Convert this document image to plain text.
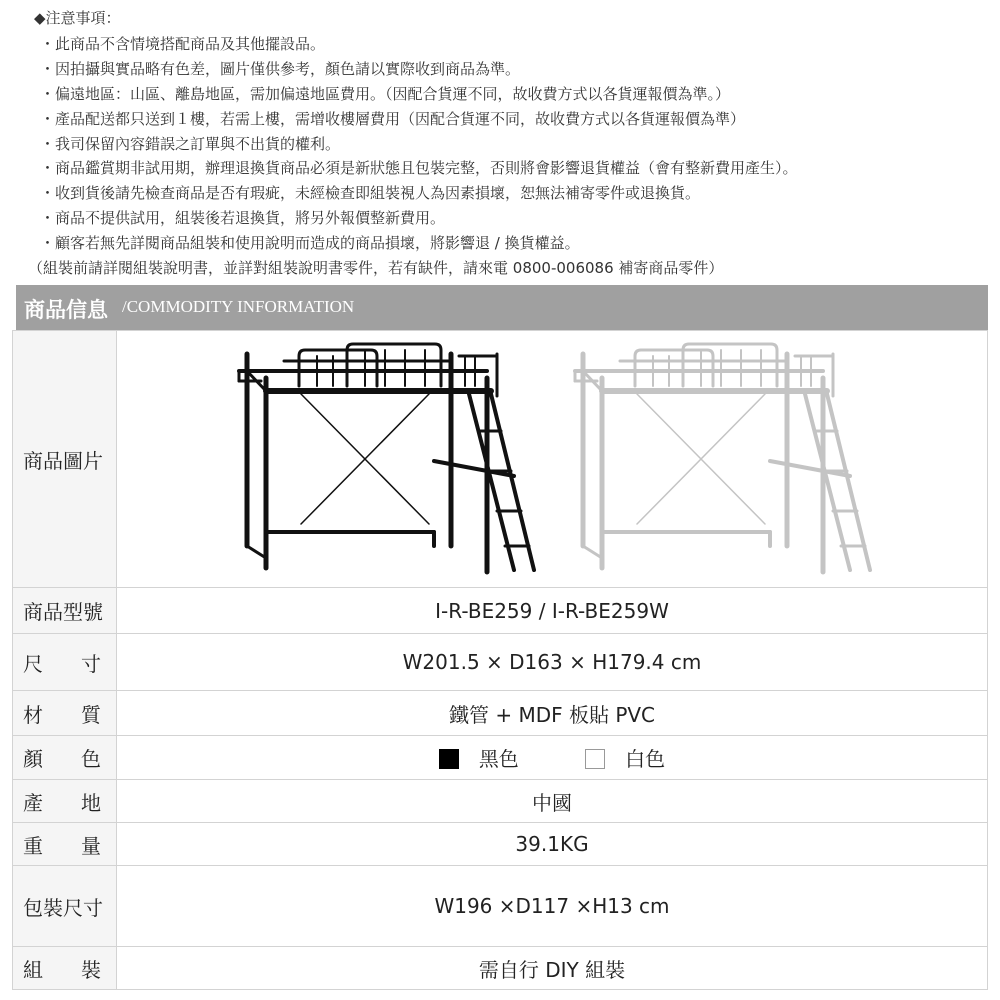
◆注意事項：
・此商品不含情境搭配商品及其他擺設品。
・因拍攝與實品略有色差，圖片僅供參考，顏色請以實際收到商品為準。
・偏遠地區：山區、離島地區，需加偏遠地區費用。（因配合貨運不同，故收費方式以各貨運報價為準。）
・產品配送都只送到１樓，若需上樓，需增收樓層費用（因配合貨運不同，故收費方式以各貨運報價為準）
・我司保留內容錯誤之訂單與不出貨的權利。
・商品鑑賞期非試用期，辦理退換貨商品必須是新狀態且包裝完整，否則將會影響退貨權益（會有整新費用產生）。
・收到貨後請先檢查商品是否有瑕疵，未經檢查即組裝視人為因素損壞，恕無法補寄零件或退換貨。
・商品不提供試用，組裝後若退換貨，將另外報價整新費用。
・顧客若無先詳閱商品組裝和使用說明而造成的商品損壞，將影響退 / 換貨權益。
（組裝前請詳閱組裝說明書，並詳對組裝說明書零件，若有缺件，請來電 0800-006086 補寄商品零件）
商品信息 /COMMODITY INFORMATION
商品圖片	

商品型號	I-R-BE259 / I-R-BE259W

尺 寸	W201.5 × D163 × H179.4 cm

材 質	鐵管 + MDF 板貼 PVC

顏 色	黑色 白色

產 地	中國

重 量	39.1KG
包裝尺寸	W196 ×D117 ×H13 cm

組 裝	需自行 DIY 組裝
